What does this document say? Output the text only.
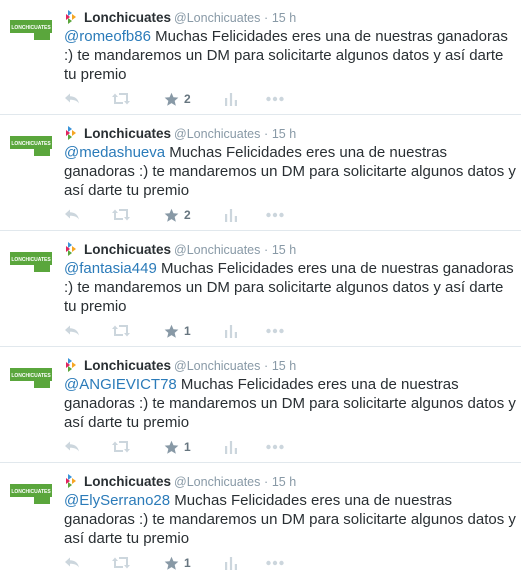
LONCHICUATES
Lonchicuates @Lonchicuates · 15 h
@romeofb86 Muchas Felicidades eres una de nuestras ganadoras :) te mandaremos un DM para solicitarte algunos datos y así darte tu premio
2
LONCHICUATES
Lonchicuates @Lonchicuates · 15 h
@medashueva Muchas Felicidades eres una de nuestras ganadoras :) te mandaremos un DM para solicitarte algunos datos y así darte tu premio
2
LONCHICUATES
Lonchicuates @Lonchicuates · 15 h
@fantasia449 Muchas Felicidades eres una de nuestras ganadoras :) te mandaremos un DM para solicitarte algunos datos y así darte tu premio
1
LONCHICUATES
Lonchicuates @Lonchicuates · 15 h
@ANGIEVICT78 Muchas Felicidades eres una de nuestras ganadoras :) te mandaremos un DM para solicitarte algunos datos y así darte tu premio
1
LONCHICUATES
Lonchicuates @Lonchicuates · 15 h
@ElySerrano28 Muchas Felicidades eres una de nuestras ganadoras :) te mandaremos un DM para solicitarte algunos datos y así darte tu premio
1
